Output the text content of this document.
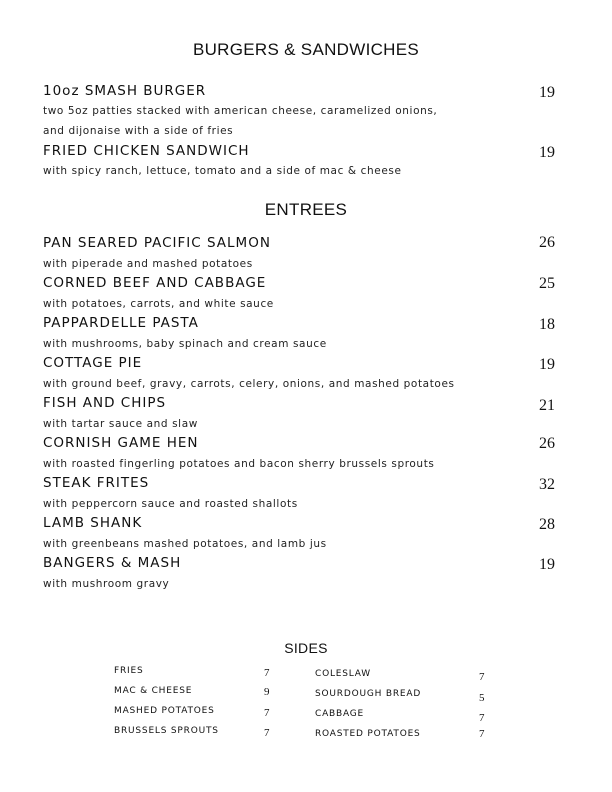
BURGERS & SANDWICHES
10oz SMASH BURGER	19
two 5oz patties stacked with american cheese, caramelized onions,
and dijonaise with a side of fries
FRIED CHICKEN SANDWICH	19
with spicy ranch, lettuce, tomato and a side of mac & cheese
ENTREES
PAN SEARED PACIFIC SALMON	26
with piperade and mashed potatoes
CORNED BEEF AND CABBAGE	25
with potatoes, carrots, and white sauce
PAPPARDELLE PASTA	18
with mushrooms, baby spinach and cream sauce
COTTAGE PIE	19
with ground beef, gravy, carrots, celery, onions, and mashed potatoes
FISH AND CHIPS	21
with tartar sauce and slaw
CORNISH GAME HEN	26
with roasted fingerling potatoes and bacon sherry brussels sprouts
STEAK FRITES	32
with peppercorn sauce and roasted shallots
LAMB SHANK	28
with greenbeans mashed potatoes, and lamb jus
BANGERS & MASH	19
with mushroom gravy
SIDES
FRIES	7
MAC & CHEESE	9
MASHED POTATOES	7
BRUSSELS SPROUTS	7
COLESLAW	7
SOURDOUGH BREAD	5
CABBAGE	7
ROASTED POTATOES	7
